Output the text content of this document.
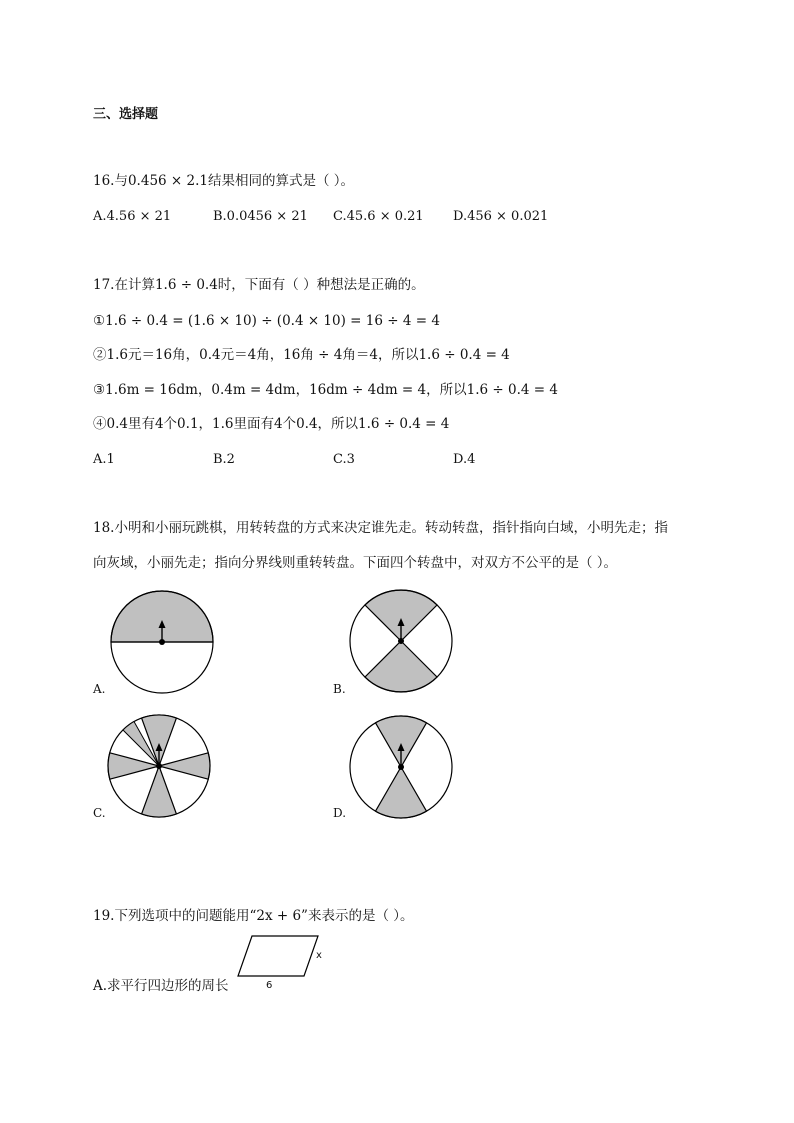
三、选择题
16.与0.456 × 2.1结果相同的算式是（ ）。
A.4.56 × 21	B.0.0456 × 21 C.45.6 × 0.21 D.456 × 0.021
17.在计算1.6 ÷ 0.4时，下面有（ ）种想法是正确的。
①1.6 ÷ 0.4 = (1.6 × 10) ÷ (0.4 × 10) = 16 ÷ 4 = 4
②1.6元＝16角，0.4元＝4角，16角 ÷ 4角＝4，所以1.6 ÷ 0.4 = 4
③1.6m = 16dm，0.4m = 4dm，16dm ÷ 4dm = 4，所以1.6 ÷ 0.4 = 4
④0.4里有4个0.1，1.6里面有4个0.4，所以1.6 ÷ 0.4 = 4
A.1	B.2	C.3	D.4
18.小明和小丽玩跳棋，用转转盘的方式来决定谁先走。转动转盘，指针指向白域，小明先走；指
向灰域，小丽先走；指向分界线则重转转盘。下面四个转盘中，对双方不公平的是（ ）。
A.	B.
C.	D.
19.下列选项中的问题能用“2x + 6”来表示的是（ ）。
A.求平行四边形的周长
x
6
